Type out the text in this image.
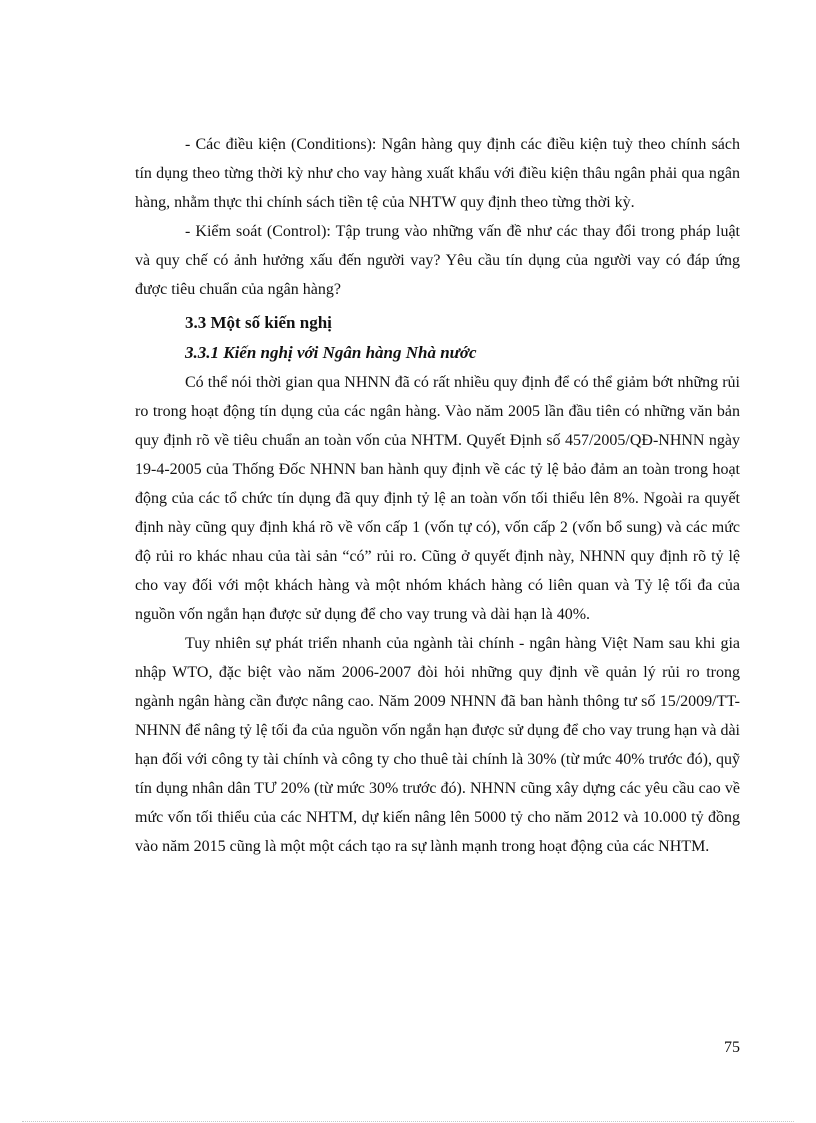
- Các điều kiện (Conditions): Ngân hàng quy định các điều kiện tuỳ theo chính sách tín dụng theo từng thời kỳ như cho vay hàng xuất khẩu với điều kiện thâu ngân phải qua ngân hàng, nhằm thực thi chính sách tiền tệ của NHTW quy định theo từng thời kỳ.

- Kiểm soát (Control): Tập trung vào những vấn đề như các thay đổi trong pháp luật và quy chế có ảnh hưởng xấu đến người vay? Yêu cầu tín dụng của người vay có đáp ứng được tiêu chuẩn của ngân hàng?

3.3 Một số kiến nghị
3.3.1 Kiến nghị với Ngân hàng Nhà nước

Có thể nói thời gian qua NHNN đã có rất nhiều quy định để có thể giảm bớt những rủi ro trong hoạt động tín dụng của các ngân hàng. Vào năm 2005 lần đầu tiên có những văn bản quy định rõ về tiêu chuẩn an toàn vốn của NHTM. Quyết Định số 457/2005/QĐ-NHNN ngày 19-4-2005 của Thống Đốc NHNN ban hành quy định về các tỷ lệ bảo đảm an toàn trong hoạt động của các tổ chức tín dụng đã quy định tỷ lệ an toàn vốn tối thiểu lên 8%. Ngoài ra quyết định này cũng quy định khá rõ về vốn cấp 1 (vốn tự có), vốn cấp 2 (vốn bổ sung) và các mức độ rủi ro khác nhau của tài sản “có” rủi ro. Cũng ở quyết định này, NHNN quy định rõ tỷ lệ cho vay đối với một khách hàng và một nhóm khách hàng có liên quan và Tỷ lệ tối đa của nguồn vốn ngắn hạn được sử dụng để cho vay trung và dài hạn là 40%.

Tuy nhiên sự phát triển nhanh của ngành tài chính - ngân hàng Việt Nam sau khi gia nhập WTO, đặc biệt vào năm 2006-2007 đòi hỏi những quy định về quản lý rủi ro trong ngành ngân hàng cần được nâng cao. Năm 2009 NHNN đã ban hành thông tư số 15/2009/TT-NHNN để nâng tỷ lệ tối đa của nguồn vốn ngắn hạn được sử dụng để cho vay trung hạn và dài hạn đối với công ty tài chính và công ty cho thuê tài chính là 30% (từ mức 40% trước đó), quỹ tín dụng nhân dân TƯ 20% (từ mức 30% trước đó). NHNN cũng xây dựng các yêu cầu cao về mức vốn tối thiểu của các NHTM, dự kiến nâng lên 5000 tỷ cho năm 2012 và 10.000 tỷ đồng vào năm 2015 cũng là một một cách tạo ra sự lành mạnh trong hoạt động của các NHTM.

75
